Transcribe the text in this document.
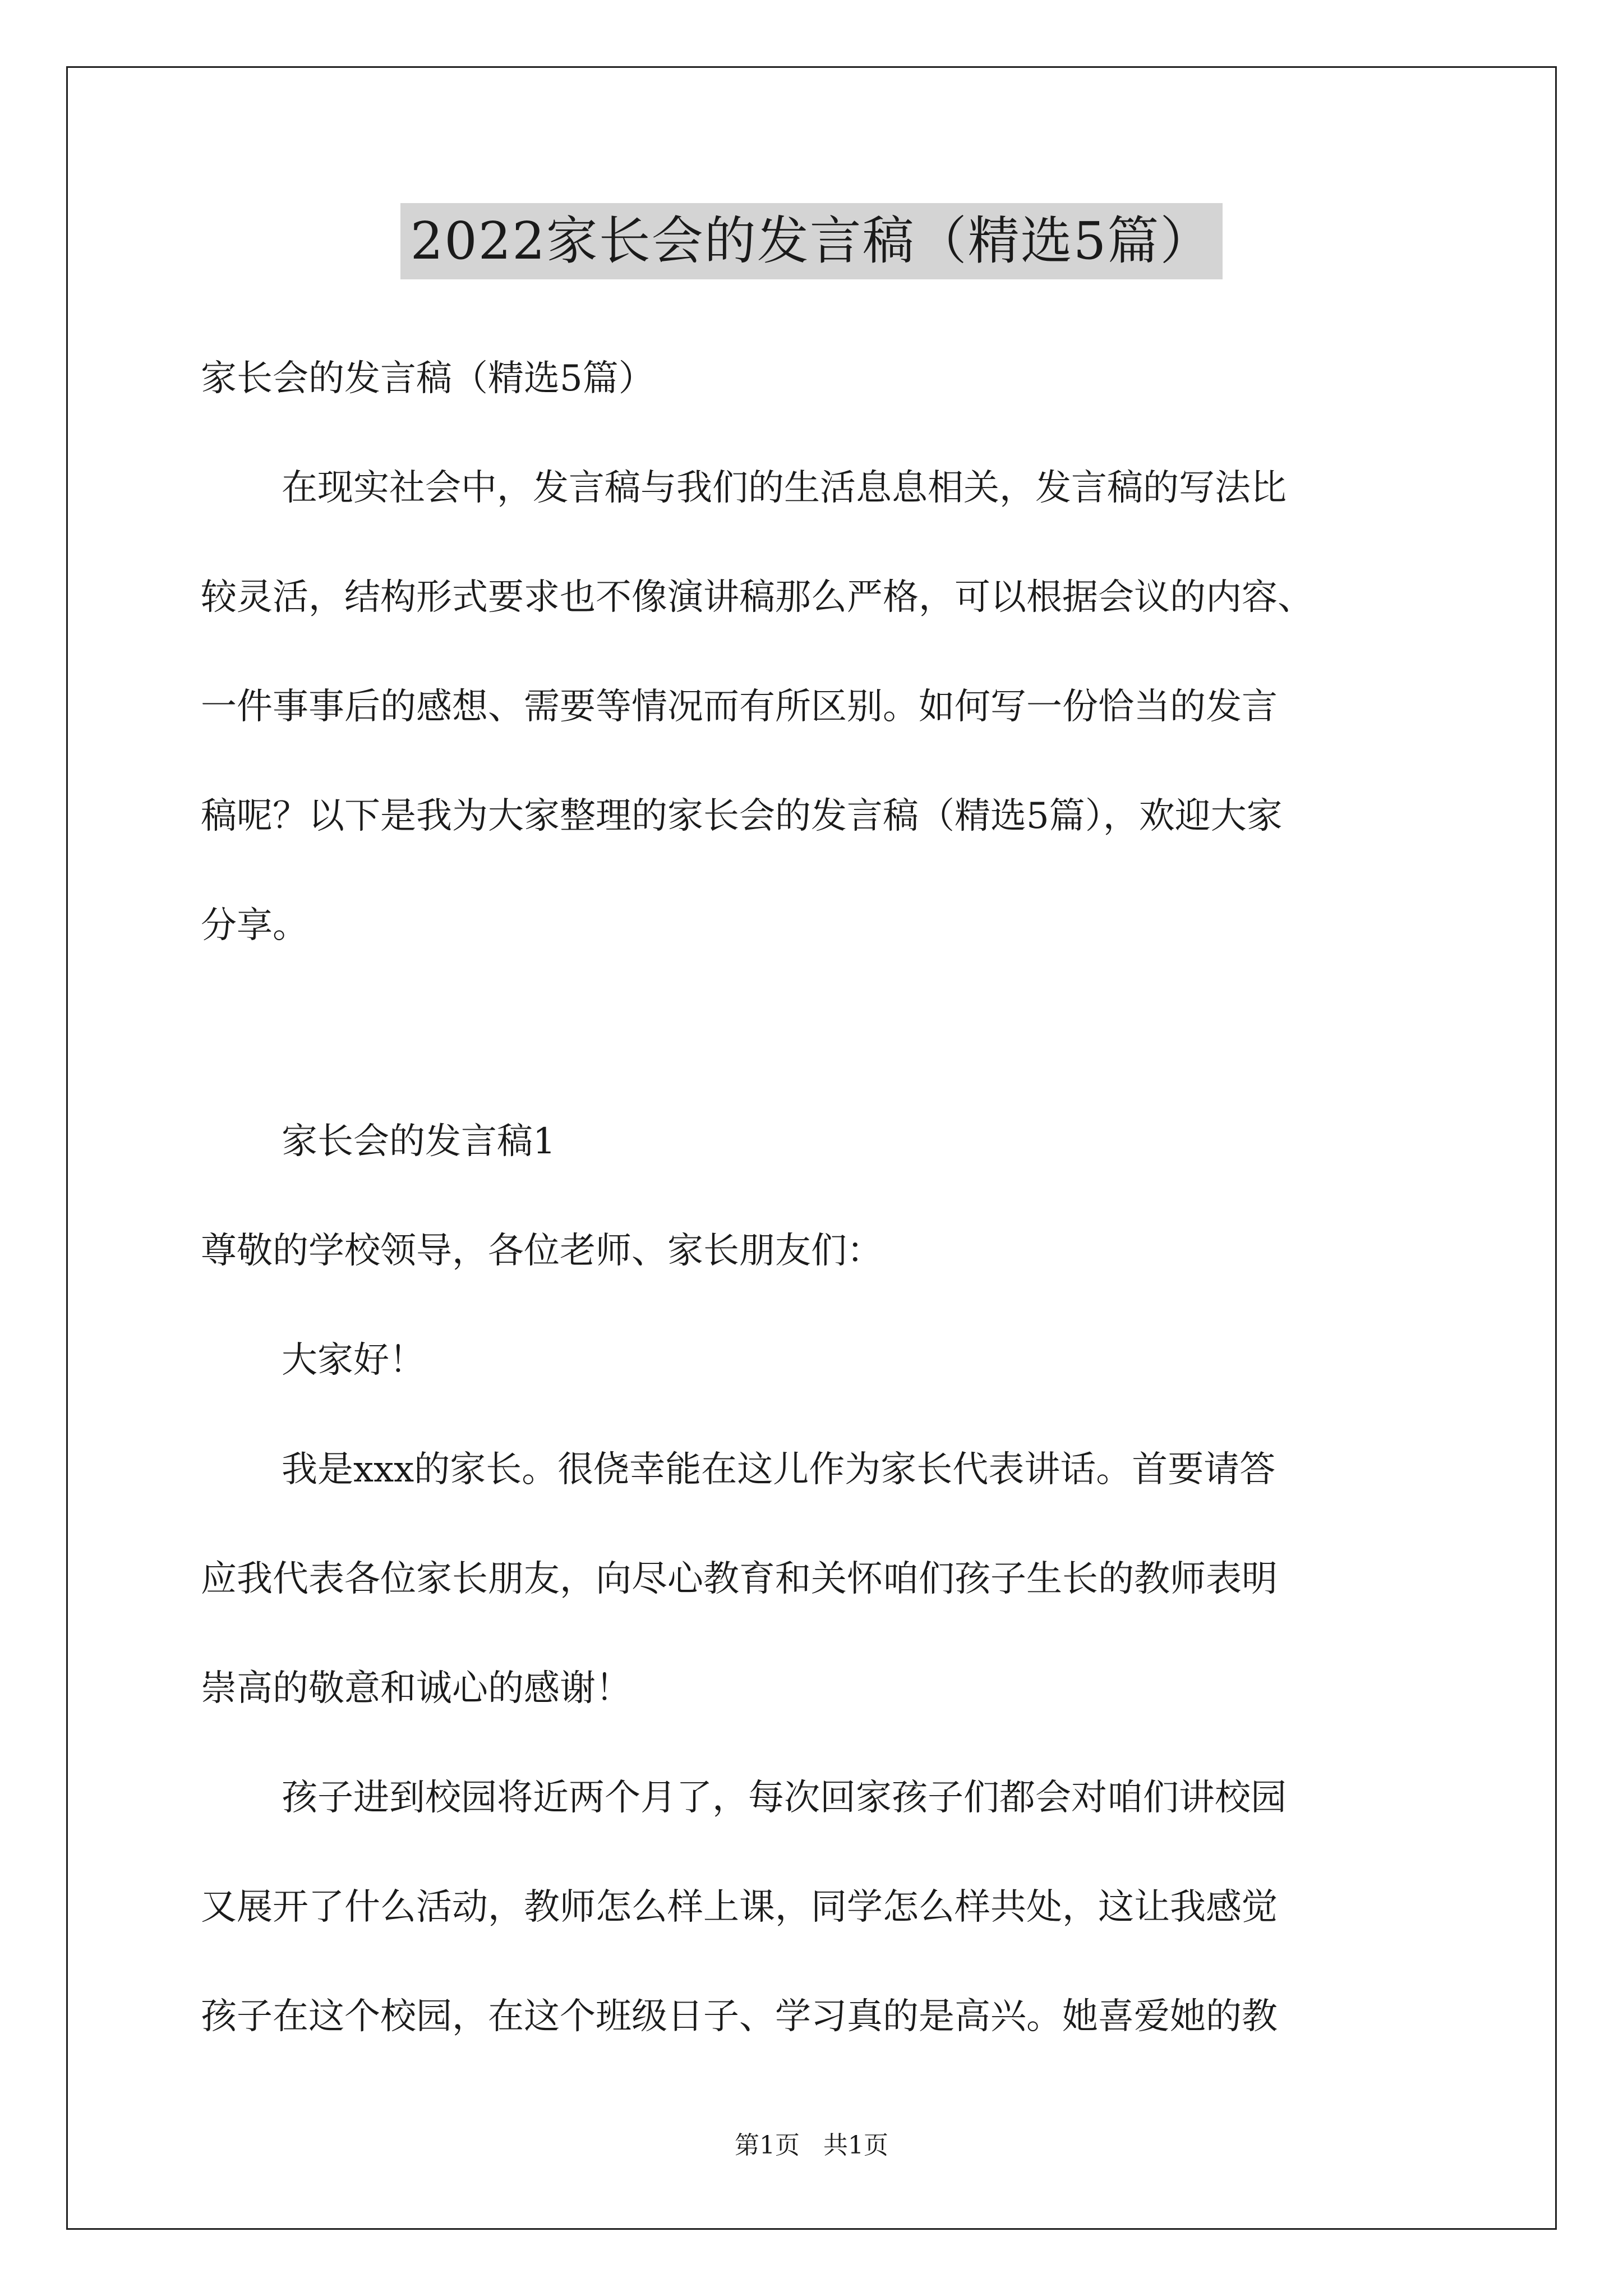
2022家长会的发言稿（精选5篇）
家长会的发言稿（精选5篇）
在现实社会中，发言稿与我们的生活息息相关，发言稿的写法比
较灵活，结构形式要求也不像演讲稿那么严格，可以根据会议的内容、
一件事事后的感想、需要等情况而有所区别。如何写一份恰当的发言
稿呢？以下是我为大家整理的家长会的发言稿（精选5篇），欢迎大家
分享。
家长会的发言稿1
尊敬的学校领导，各位老师、家长朋友们：
大家好！
我是xxx的家长。很侥幸能在这儿作为家长代表讲话。首要请答
应我代表各位家长朋友，向尽心教育和关怀咱们孩子生长的教师表明
崇高的敬意和诚心的感谢！
孩子进到校园将近两个月了，每次回家孩子们都会对咱们讲校园
又展开了什么活动，教师怎么样上课，同学怎么样共处，这让我感觉
孩子在这个校园，在这个班级日子、学习真的是高兴。她喜爱她的教
第1页   共1页
